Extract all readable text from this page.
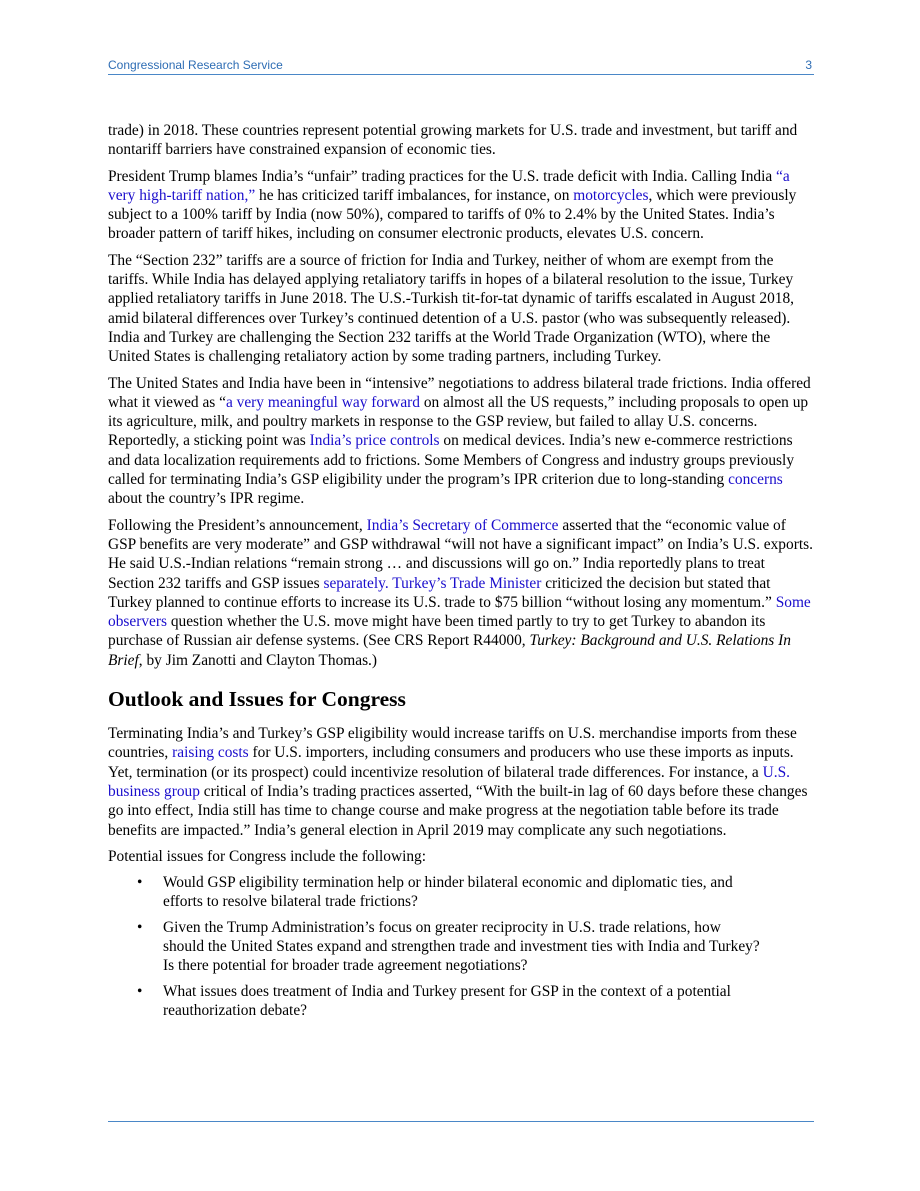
Congressional Research Service	3

trade) in 2018. These countries represent potential growing markets for U.S. trade and investment, but tariff and nontariff barriers have constrained expansion of economic ties.

President Trump blames India’s “unfair” trading practices for the U.S. trade deficit with India. Calling India “a very high-tariff nation,” he has criticized tariff imbalances, for instance, on motorcycles, which were previously subject to a 100% tariff by India (now 50%), compared to tariffs of 0% to 2.4% by the United States. India’s broader pattern of tariff hikes, including on consumer electronic products, elevates U.S. concern.

The “Section 232” tariffs are a source of friction for India and Turkey, neither of whom are exempt from the tariffs. While India has delayed applying retaliatory tariffs in hopes of a bilateral resolution to the issue, Turkey applied retaliatory tariffs in June 2018. The U.S.-Turkish tit-for-tat dynamic of tariffs escalated in August 2018, amid bilateral differences over Turkey’s continued detention of a U.S. pastor (who was subsequently released). India and Turkey are challenging the Section 232 tariffs at the World Trade Organization (WTO), where the United States is challenging retaliatory action by some trading partners, including Turkey.

The United States and India have been in “intensive” negotiations to address bilateral trade frictions. India offered what it viewed as “a very meaningful way forward on almost all the US requests,” including proposals to open up its agriculture, milk, and poultry markets in response to the GSP review, but failed to allay U.S. concerns. Reportedly, a sticking point was India’s price controls on medical devices. India’s new e-commerce restrictions and data localization requirements add to frictions. Some Members of Congress and industry groups previously called for terminating India’s GSP eligibility under the program’s IPR criterion due to long-standing concerns about the country’s IPR regime.

Following the President’s announcement, India’s Secretary of Commerce asserted that the “economic value of GSP benefits are very moderate” and GSP withdrawal “will not have a significant impact” on India’s U.S. exports. He said U.S.-Indian relations “remain strong … and discussions will go on.” India reportedly plans to treat Section 232 tariffs and GSP issues separately. Turkey’s Trade Minister criticized the decision but stated that Turkey planned to continue efforts to increase its U.S. trade to $75 billion “without losing any momentum.” Some observers question whether the U.S. move might have been timed partly to try to get Turkey to abandon its purchase of Russian air defense systems. (See CRS Report R44000, Turkey: Background and U.S. Relations In Brief, by Jim Zanotti and Clayton Thomas.)

Outlook and Issues for Congress

Terminating India’s and Turkey’s GSP eligibility would increase tariffs on U.S. merchandise imports from these countries, raising costs for U.S. importers, including consumers and producers who use these imports as inputs. Yet, termination (or its prospect) could incentivize resolution of bilateral trade differences. For instance, a U.S. business group critical of India’s trading practices asserted, “With the built-in lag of 60 days before these changes go into effect, India still has time to change course and make progress at the negotiation table before its trade benefits are impacted.” India’s general election in April 2019 may complicate any such negotiations.

Potential issues for Congress include the following:

• Would GSP eligibility termination help or hinder bilateral economic and diplomatic ties, and efforts to resolve bilateral trade frictions?
• Given the Trump Administration’s focus on greater reciprocity in U.S. trade relations, how should the United States expand and strengthen trade and investment ties with India and Turkey? Is there potential for broader trade agreement negotiations?
• What issues does treatment of India and Turkey present for GSP in the context of a potential reauthorization debate?
